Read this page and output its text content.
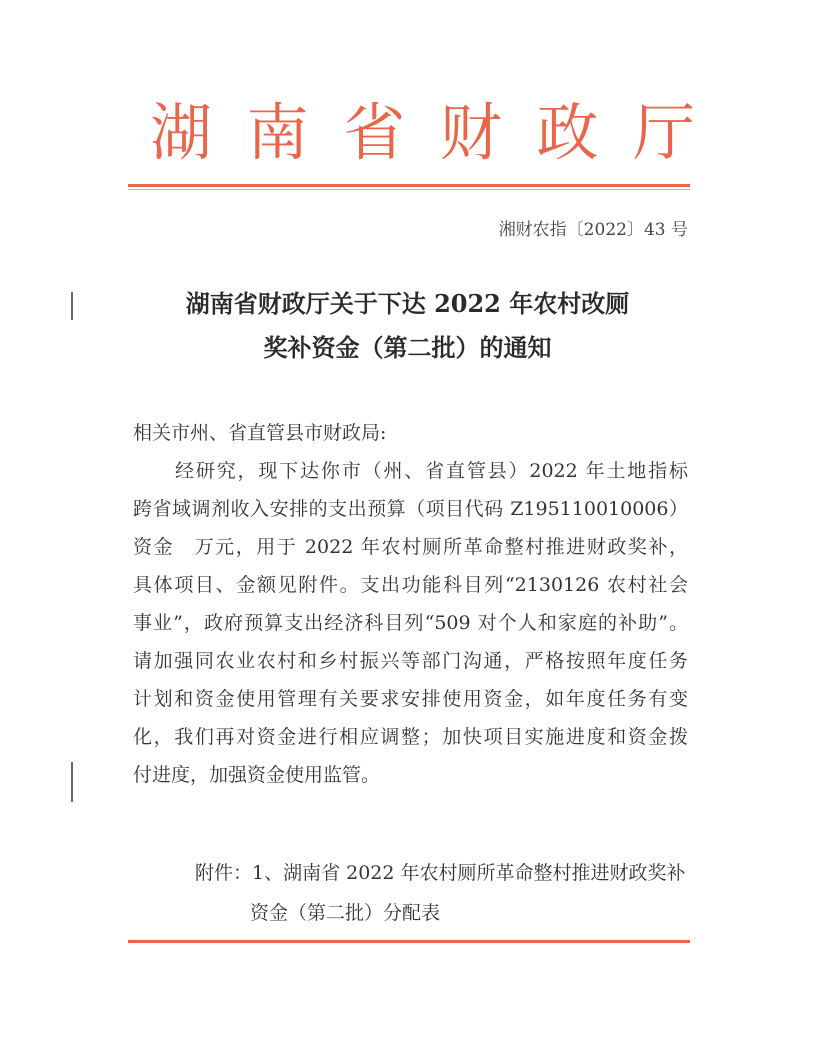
湖 南 省 财 政 厅
湘财农指〔2022〕43 号
湖南省财政厅关于下达 2022 年农村改厕
奖补资金（第二批）的通知
相关市州、省直管县市财政局:
经研究，现下达你市（州、省直管县）2022 年土地指标
跨省域调剂收入安排的支出预算（项目代码 Z195110010006）
资金　万元，用于 2022 年农村厕所革命整村推进财政奖补，
具体项目、金额见附件。支出功能科目列“2130126 农村社会
事业”，政府预算支出经济科目列“509 对个人和家庭的补助”。
请加强同农业农村和乡村振兴等部门沟通，严格按照年度任务
计划和资金使用管理有关要求安排使用资金，如年度任务有变
化，我们再对资金进行相应调整；加快项目实施进度和资金拨
付进度，加强资金使用监管。
附件：1、湖南省 2022 年农村厕所革命整村推进财政奖补
资金（第二批）分配表
